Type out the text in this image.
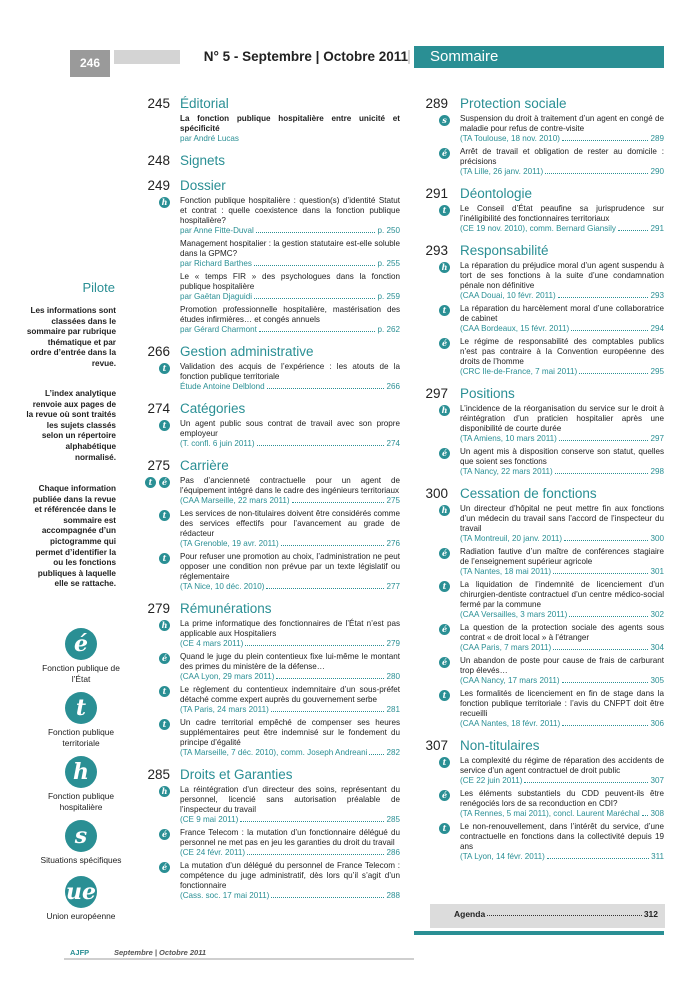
246	N° 5 - Septembre | Octobre 2011	Sommaire
Pilote
Les informations sont classées dans le sommaire par rubrique thématique et par ordre d’entrée dans la revue.
L’index analytique renvoie aux pages de la revue où sont traités les sujets classés selon un répertoire alphabétique normalisé.
Chaque information publiée dans la revue et référencée dans le sommaire est accompagnée d’un pictogramme qui permet d’identifier la ou les fonctions publiques à laquelle elle se rattache.
é
Fonction publique de l’État
t
Fonction publique territoriale
h
Fonction publique hospitalière
s
Situations spécifiques
ue
Union européenne
245 Éditorial
La fonction publique hospitalière entre unicité et spécificité
par André Lucas
248 Signets
249 Dossier
h	Fonction publique hospitalière : question(s) d’identité Statut et contrat : quelle coexistence dans la fonction publique hospitalière?
par Anne Fitte-Duval	p. 250
Management hospitalier : la gestion statutaire est-elle soluble dans la GPMC?
par Richard Barthes	p. 255
Le « temps FIR » des psychologues dans la fonction publique hospitalière
par Gaëtan Djaguidi	p. 259
Promotion professionnelle hospitalière, mastérisation des études infirmières… et congés annuels
par Gérard Charmont	p. 262
266 Gestion administrative
t	Validation des acquis de l’expérience : les atouts de la fonction publique territoriale
Étude Antoine Delblond	266
274 Catégories
t	Un agent public sous contrat de travail avec son propre employeur
(T. confl. 6 juin 2011)	274
275 Carrière
é
t	Pas d’ancienneté contractuelle pour un agent de l’équipement intégré dans le cadre des ingénieurs territoriaux
(CAA Marseille, 22 mars 2011)	275
t	Les services de non-titulaires doivent être considérés comme des services effectifs pour l’avancement au grade de rédacteur
(TA Grenoble, 19 avr. 2011)	276
t	Pour refuser une promotion au choix, l’administration ne peut opposer une condition non prévue par un texte législatif ou réglementaire
(TA Nice, 10 déc. 2010)	277
279 Rémunérations
h	La prime informatique des fonctionnaires de l’État n’est pas applicable aux Hospitaliers
(CE 4 mars 2011)	279
é	Quand le juge du plein contentieux fixe lui-même le montant des primes du ministère de la défense…
(CAA Lyon, 29 mars 2011)	280
t	Le règlement du contentieux indemnitaire d’un sous-préfet détaché comme expert auprès du gouvernement serbe
(TA Paris, 24 mars 2011)	281
t	Un cadre territorial empêché de compenser ses heures supplémentaires peut être indemnisé sur le fondement du principe d’égalité
(TA Marseille, 7 déc. 2010), comm. Joseph Andreani 282
285 Droits et Garanties
h	La réintégration d’un directeur des soins, représentant du personnel, licencié sans autorisation préalable de l’inspecteur du travail
(CE 9 mai 2011)	285
é	France Telecom : la mutation d’un fonctionnaire délégué du personnel ne met pas en jeu les garanties du droit du travail
(CE 24 févr. 2011)	286
é	La mutation d’un délégué du personnel de France Telecom : compétence du juge administratif, dès lors qu’il s’agit d’un fonctionnaire
(Cass. soc. 17 mai 2011)	288
289 Protection sociale
s	Suspension du droit à traitement d’un agent en congé de maladie pour refus de contre-visite
(TA Toulouse, 18 nov. 2010)	289
é	Arrêt de travail et obligation de rester au domicile : précisions
(TA Lille, 26 janv. 2011)	290
291 Déontologie
t	Le Conseil d’État peaufine sa jurisprudence sur l’inéligibilité des fonctionnaires territoriaux
(CE 19 nov. 2010), comm. Bernard Giansily	291
293 Responsabilité
h	La réparation du préjudice moral d’un agent suspendu à tort de ses fonctions à la suite d’une condamnation pénale non définitive
(CAA Douai, 10 févr. 2011)	293
t	La réparation du harcèlement moral d’une collaboratrice de cabinet
(CAA Bordeaux, 15 févr. 2011)	294
é	Le régime de responsabilité des comptables publics n’est pas contraire à la Convention européenne des droits de l’homme
(CRC Ile-de-France, 7 mai 2011)	295
297 Positions
h	L’incidence de la réorganisation du service sur le droit à réintégration d’un praticien hospitalier après une disponibilité de courte durée
(TA Amiens, 10 mars 2011)	297
é	Un agent mis à disposition conserve son statut, quelles que soient ses fonctions
(TA Nancy, 22 mars 2011)	298
300 Cessation de fonctions
h	Un directeur d’hôpital ne peut mettre fin aux fonctions d’un médecin du travail sans l’accord de l’inspecteur du travail
(TA Montreuil, 20 janv. 2011)	300
é	Radiation fautive d’un maître de conférences stagiaire de l’enseignement supérieur agricole
(TA Nantes, 18 mai 2011)	301
t	La liquidation de l’indemnité de licenciement d’un chirurgien-dentiste contractuel d’un centre médico-social fermé par la commune
(CAA Versailles, 3 mars 2011)	302
é	La question de la protection sociale des agents sous contrat « de droit local » à l’étranger
(CAA Paris, 7 mars 2011)	304
é	Un abandon de poste pour cause de frais de carburant trop élevés…
(CAA Nancy, 17 mars 2011)	305
t	Les formalités de licenciement en fin de stage dans la fonction publique territoriale : l’avis du CNFPT doit être recueilli
(CAA Nantes, 18 févr. 2011)	306
307 Non-titulaires
t	La complexité du régime de réparation des accidents de service d’un agent contractuel de droit public
(CE 22 juin 2011)	307
é	Les éléments substantiels du CDD peuvent-ils être renégociés lors de sa reconduction en CDI?
(TA Rennes, 5 mai 2011), concl. Laurent Maréchal 308
t	Le non-renouvellement, dans l’intérêt du service, d’une contractuelle en fonctions dans la collectivité depuis 19 ans
(TA Lyon, 14 févr. 2011)	311
Agenda	312
AJFP	Septembre | Octobre 2011
